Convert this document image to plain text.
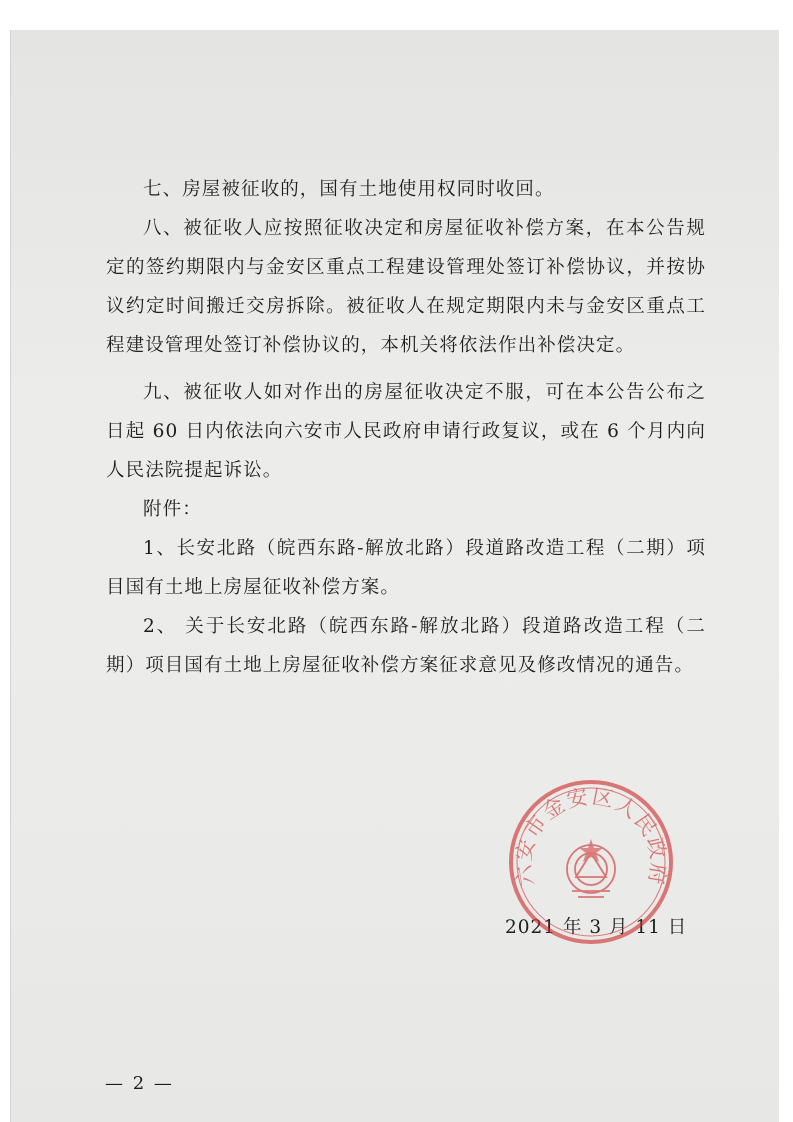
七、房屋被征收的，国有土地使用权同时收回。

八、被征收人应按照征收决定和房屋征收补偿方案，在本公告规定的签约期限内与金安区重点工程建设管理处签订补偿协议，并按协议约定时间搬迁交房拆除。被征收人在规定期限内未与金安区重点工程建设管理处签订补偿协议的，本机关将依法作出补偿决定。

九、被征收人如对作出的房屋征收决定不服，可在本公告公布之日起 60 日内依法向六安市人民政府申请行政复议，或在 6 个月内向人民法院提起诉讼。

附件：

1、长安北路（皖西东路-解放北路）段道路改造工程（二期）项目国有土地上房屋征收补偿方案。

2、 关于长安北路（皖西东路-解放北路）段道路改造工程（二期）项目国有土地上房屋征收补偿方案征求意见及修改情况的通告。

2021 年 3 月 11 日
— 2 —
六安市金安区人民政府
